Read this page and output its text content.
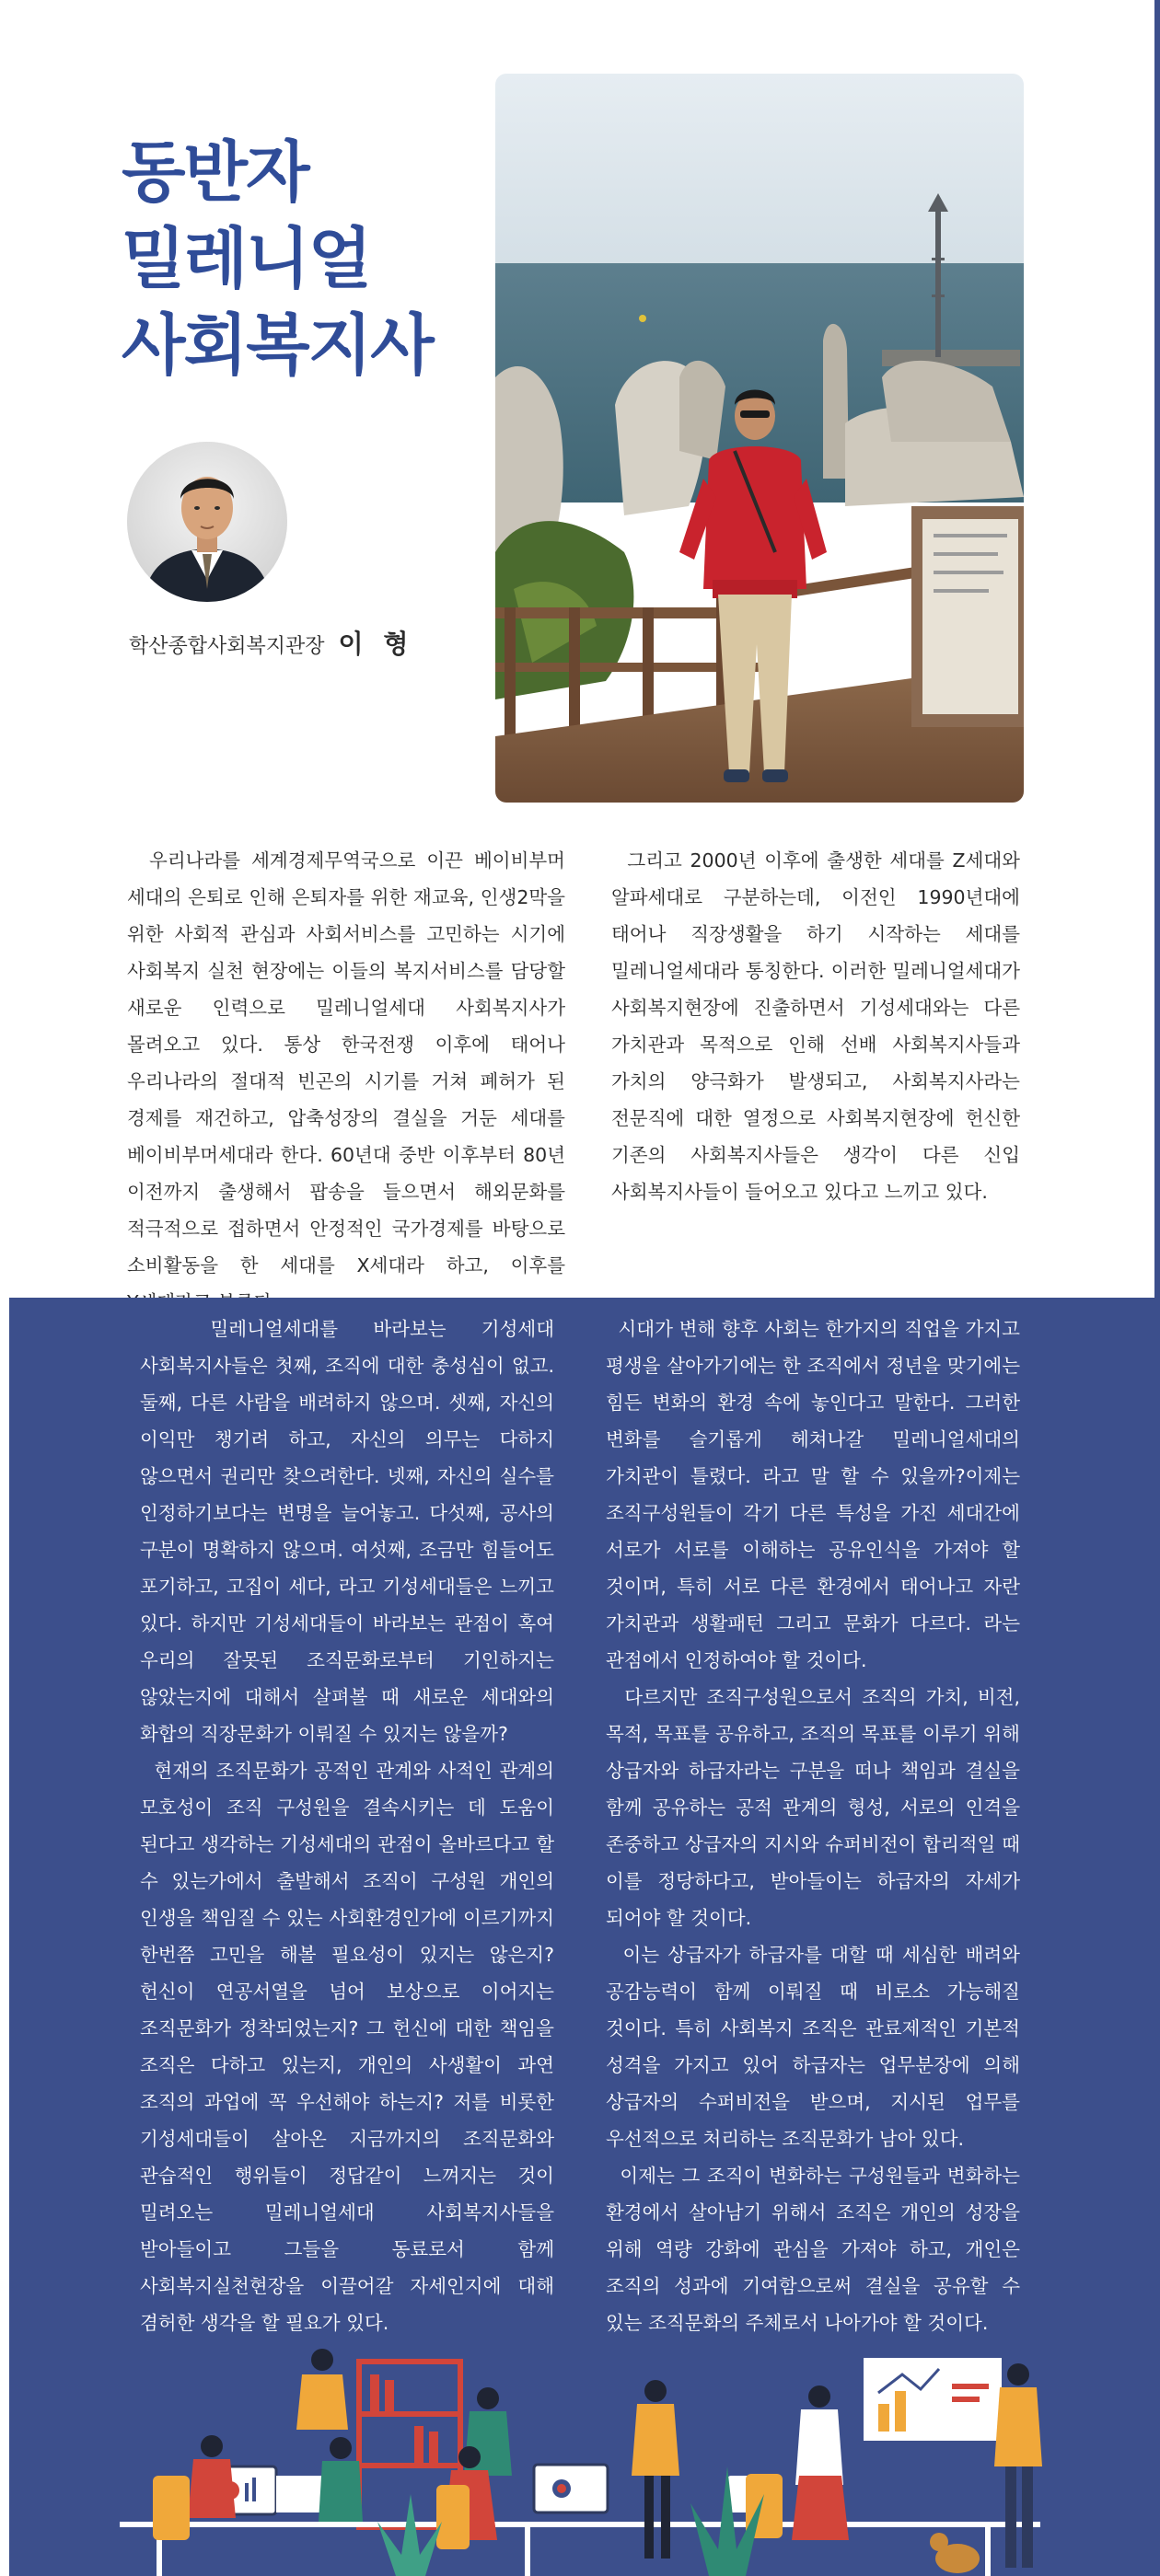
동반자
밀레니얼
사회복지사
학산종합사회복지관장 이 형

우리나라를 세계경제무역국으로 이끈 베이비부머 세대의 은퇴로 인해 은퇴자를 위한 재교육, 인생2막을 위한 사회적 관심과 사회서비스를 고민하는 시기에 사회복지 실천 현장에는 이들의 복지서비스를 담당할 새로운 인력으로 밀레니얼세대 사회복지사가 몰려오고 있다. 통상 한국전쟁 이후에 태어나 우리나라의 절대적 빈곤의 시기를 거쳐 폐허가 된 경제를 재건하고, 압축성장의 결실을 거둔 세대를 베이비부머세대라 한다. 60년대 중반 이후부터 80년 이전까지 출생해서 팝송을 들으면서 해외문화를 적극적으로 접하면서 안정적인 국가경제를 바탕으로 소비활동을 한 세대를 X세대라 하고, 이후를

그리고 2000년 이후에 출생한 세대를 Z세대와 알파세대로 구분하는데, 이전인 1990년대에 태어나 직장생활을 하기 시작하는 세대를 밀레니얼세대라 통칭한다. 이러한 밀레니얼세대가 사회복지현장에 진출하면서 기성세대와는 다른 가치관과 목적으로 인해 선배 사회복지사들과 가치의 양극화가 발생되고, 사회복지사라는 전문직에 대한 열정으로 사회복지현장에 헌신한 기존의 사회복지사들은 생각이 다른 신입 사회복지사들이 들어오고 있다고 느끼고 있다.

밀레니얼세대를 바라보는 기성세대 사회복지사들은 첫째, 조직에 대한 충성심이 없고. 둘째, 다른 사람을 배려하지 않으며. 셋째, 자신의 이익만 챙기려 하고, 자신의 의무는 다하지 않으면서 권리만 찾으려한다. 넷째, 자신의 실수를 인정하기보다는 변명을 늘어놓고. 다섯째, 공사의 구분이 명확하지 않으며. 여섯째, 조금만 힘들어도 포기하고, 고집이 세다, 라고 기성세대들은 느끼고 있다. 하지만 기성세대들이 바라보는 관점이 혹여 우리의 잘못된 조직문화로부터 기인하지는 않았는지에 대해서 살펴볼 때 새로운 세대와의 화합의 직장문화가 이뤄질 수 있지는 않을까?
현재의 조직문화가 공적인 관계와 사적인 관계의 모호성이 조직 구성원을 결속시키는 데 도움이 된다고 생각하는 기성세대의 관점이 올바르다고 할 수 있는가에서 출발해서 조직이 구성원 개인의 인생을 책임질 수 있는 사회환경인가에 이르기까지 한번쯤 고민을 해볼 필요성이 있지는 않은지? 헌신이 연공서열을 넘어 보상으로 이어지는 조직문화가 정착되었는지? 그 헌신에 대한 책임을 조직은 다하고 있는지, 개인의 사생활이 과연 조직의 과업에 꼭 우선해야 하는지? 저를 비롯한 기성세대들이 살아온 지금까지의 조직문화와 관습적인 행위들이 정답같이 느껴지는 것이 밀려오는 밀레니얼세대 사회복지사들을 받아들이고 그들을 동료로서 함께 사회복지실천현장을 이끌어갈 자세인지에 대해 겸허한 생각을 할 필요가 있다.

시대가 변해 향후 사회는 한가지의 직업을 가지고 평생을 살아가기에는 한 조직에서 정년을 맞기에는 힘든 변화의 환경 속에 놓인다고 말한다. 그러한 변화를 슬기롭게 헤쳐나갈 밀레니얼세대의 가치관이 틀렸다. 라고 말 할 수 있을까?이제는 조직구성원들이 각기 다른 특성을 가진 세대간에 서로가 서로를 이해하는 공유인식을 가져야 할 것이며, 특히 서로 다른 환경에서 태어나고 자란 가치관과 생활패턴 그리고 문화가 다르다. 라는 관점에서 인정하여야 할 것이다.
다르지만 조직구성원으로서 조직의 가치, 비전, 목적, 목표를 공유하고, 조직의 목표를 이루기 위해 상급자와 하급자라는 구분을 떠나 책임과 결실을 함께 공유하는 공적 관계의 형성, 서로의 인격을 존중하고 상급자의 지시와 슈퍼비전이 합리적일 때 이를 정당하다고, 받아들이는 하급자의 자세가 되어야 할 것이다.
이는 상급자가 하급자를 대할 때 세심한 배려와 공감능력이 함께 이뤄질 때 비로소 가능해질 것이다. 특히 사회복지 조직은 관료제적인 기본적 성격을 가지고 있어 하급자는 업무분장에 의해 상급자의 수퍼비전을 받으며, 지시된 업무를 우선적으로 처리하는 조직문화가 남아 있다.
이제는 그 조직이 변화하는 구성원들과 변화하는 환경에서 살아남기 위해서 조직은 개인의 성장을 위해 역량 강화에 관심을 가져야 하고, 개인은 조직의 성과에 기여함으로써 결실을 공유할 수 있는 조직문화의 주체로서 나아가야 할 것이다.
